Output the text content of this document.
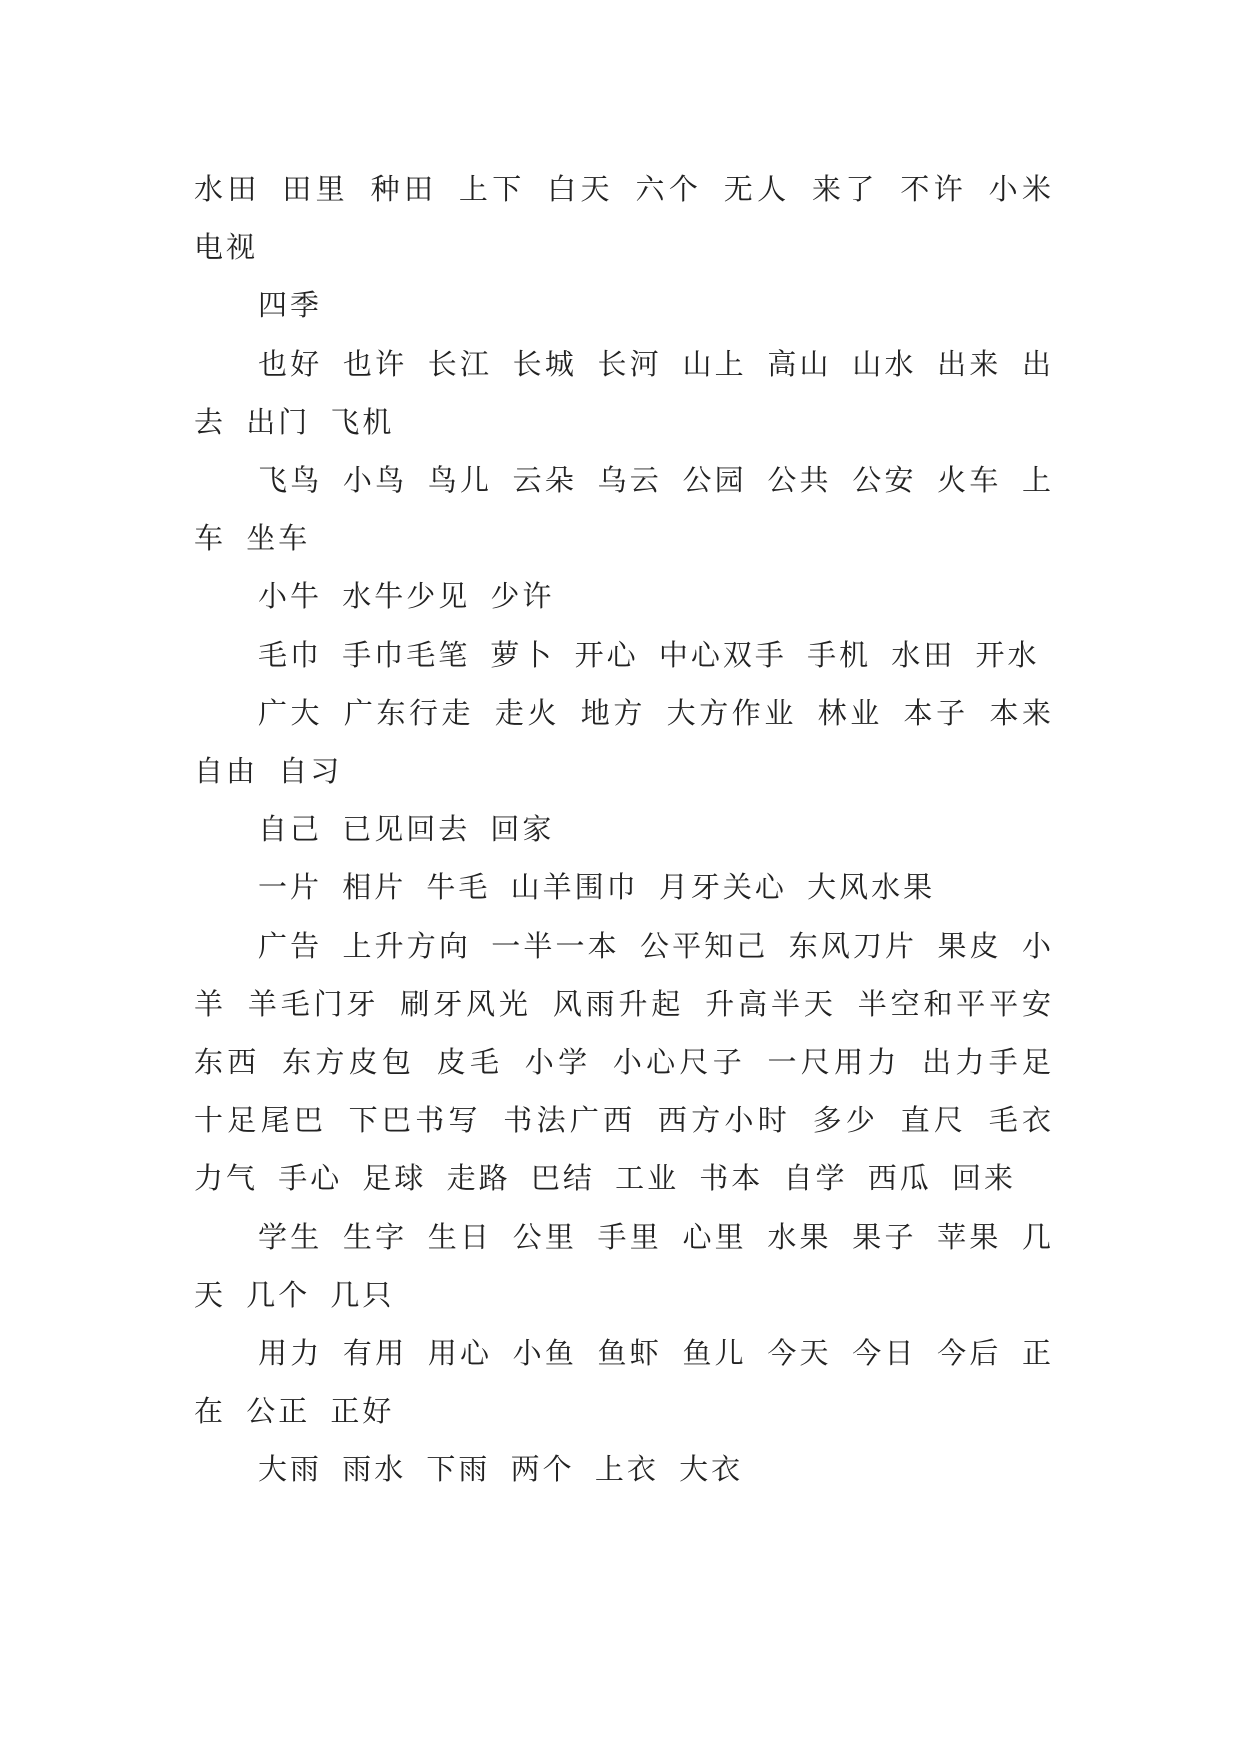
水田 田里 种田 上下 白天 六个 无人 来了 不许 小米 电视

四季

也好 也许 长江 长城 长河 山上 高山 山水 出来 出去 出门 飞机

飞鸟 小鸟 鸟儿 云朵 乌云 公园 公共 公安 火车 上车 坐车

小牛 水牛少见 少许

毛巾 手巾毛笔 萝卜 开心 中心双手 手机 水田 开水

广大 广东行走 走火 地方 大方作业 林业 本子 本来 自由 自习

自己 已见回去 回家

一片 相片 牛毛 山羊围巾 月牙关心 大风水果

广告 上升方向 一半一本 公平知己 东风刀片 果皮 小羊 羊毛门牙 刷牙风光 风雨升起 升高半天 半空和平平安东西 东方皮包 皮毛 小学 小心尺子 一尺用力 出力手足 十足尾巴 下巴书写 书法广西 西方小时 多少 直尺 毛衣 力气 手心 足球 走路 巴结 工业 书本 自学 西瓜 回来

学生 生字 生日 公里 手里 心里 水果 果子 苹果 几天 几个 几只

用力 有用 用心 小鱼 鱼虾 鱼儿 今天 今日 今后 正在 公正 正好

大雨 雨水 下雨 两个 上衣 大衣
